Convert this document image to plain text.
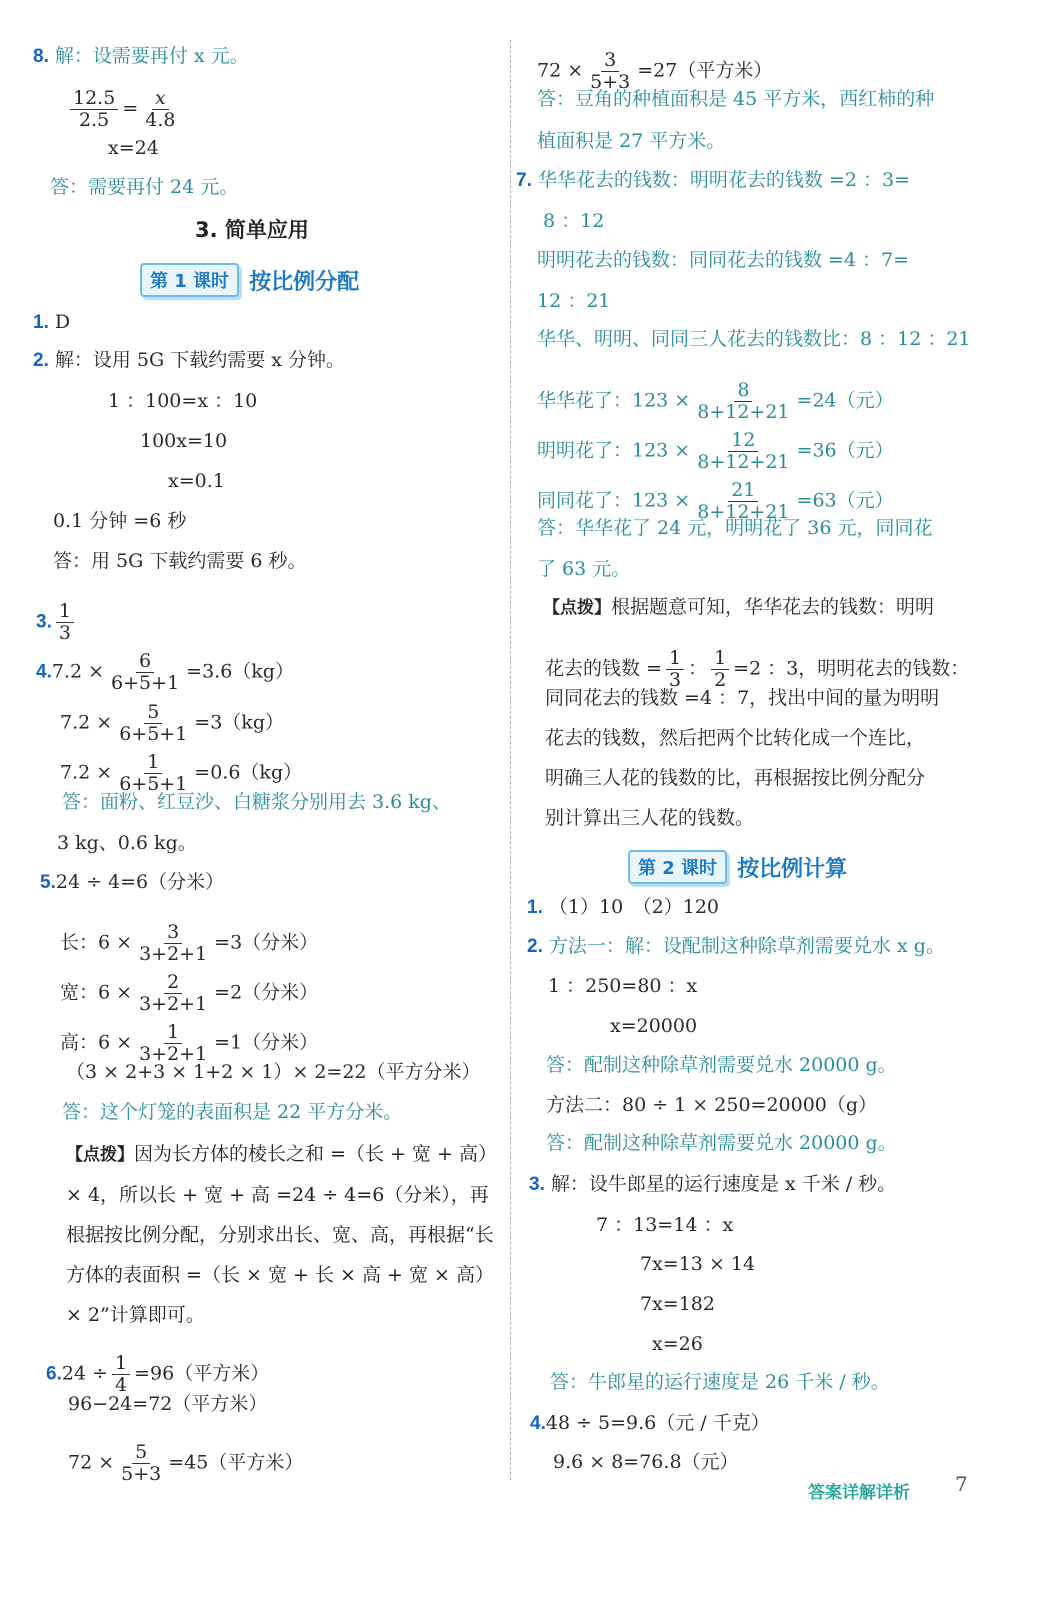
8. 解：设需要再付 x 元。
$\frac{12.5}{2.5} = \frac{x}{4.8}$
x=24
答：需要再付 24 元。
3. 简单应用
第 1 课时 按比例分配
1. D
2. 解：设用 5G 下载约需要 x 分钟。
1 ：100=x ：10
100x=10
x=0.1
0.1 分钟 =6 秒
答：用 5G 下载约需要 6 秒。
3. $\frac{1}{3}$
$4.7.2 \times \frac{6}{6+5+1} =3.6(kg)$
$7.2 \times \frac{5}{6+5+1} =3(kg)$
$7.2 \times \frac{1}{6+5+1} =0.6(kg)$
答：面粉、红豆沙、白糖浆分别用去 3.6 kg、
3 kg、0.6 kg。
5.24 ÷ 4=6（分米）
长：$6 \times \frac{3}{3+2+1} =3$（分米）
宽：$6 \times \frac{2}{3+2+1} =2$（分米）
高：$6 \times \frac{1}{3+2+1} =1$（分米）
（3 × 2+3 × 1+2 × 1）× 2=22（平方分米）
答：这个灯笼的表面积是 22 平方分米。
【点拨】因为长方体的棱长之和 =（长 + 宽 + 高）× 4，所以长 + 宽 + 高 =24 ÷ 4=6（分米），再根据按比例分配，分别求出长、宽、高，再根据“长方体的表面积 =（长 × 宽 + 长 × 高 + 宽 × 高）× 2”计算即可。
$6.24 \div \frac{1}{4} =96$（平方米）
96−24=72（平方米）
$72 \times \frac{5}{5+3} =45$（平方米）
$72 \times \frac{3}{5+3} =27$（平方米）
答：豆角的种植面积是 45 平方米，西红柿的种
植面积是 27 平方米。
7. 华华花去的钱数：明明花去的钱数 =2 ：3=
8 ：12
明明花去的钱数：同同花去的钱数 =4 ：7=
12 ：21
华华、明明、同同三人花去的钱数比：8 ：12 ：21
华华花了：$123 \times \frac{8}{8+12+21} =24$（元）
明明花了：$123 \times \frac{12}{8+12+21} =36$（元）
同同花了：$123 \times \frac{21}{8+12+21} =63$（元）
答：华华花了 24 元，明明花了 36 元，同同花
了 63 元。
【点拨】根据题意可知，华华花去的钱数：明明
花去的钱数 = $\frac{1}{3}$ ： $\frac{1}{2} =2$ ：3，明明花去的钱数：
同同花去的钱数 =4 ：7，找出中间的量为明明
花去的钱数，然后把两个比转化成一个连比，
明确三人花的钱数的比，再根据按比例分配分
别计算出三人花的钱数。
第 2 课时 按比例计算
1. （1）10　（2）120
2. 方法一：解：设配制这种除草剂需要兑水 x g。
1 ：250=80 ：x
x=20000
答：配制这种除草剂需要兑水 20000 g。
方法二：80 ÷ 1 × 250=20000（g）
答：配制这种除草剂需要兑水 20000 g。
3. 解：设牛郎星的运行速度是 x 千米 / 秒。
7 ：13=14 ：x
7x=13 × 14
7x=182
x=26
答：牛郎星的运行速度是 26 千米 / 秒。
4.48 ÷ 5=9.6（元 / 千克）
9.6 × 8=76.8（元）
答案详解详析 7
